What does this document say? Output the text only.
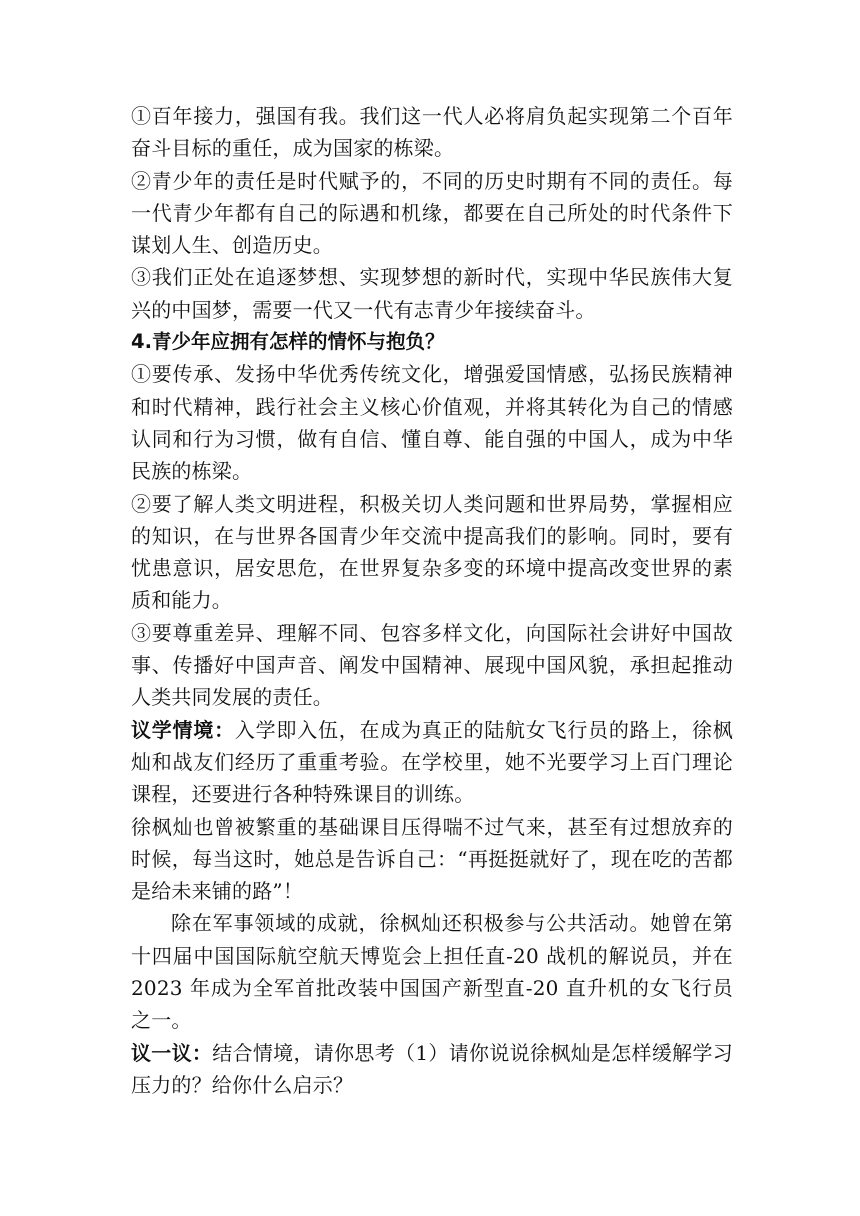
①百年接力，强国有我。我们这一代人必将肩负起实现第二个百年奋斗目标的重任，成为国家的栋梁。

②青少年的责任是时代赋予的，不同的历史时期有不同的责任。每一代青少年都有自己的际遇和机缘，都要在自己所处的时代条件下谋划人生、创造历史。

③我们正处在追逐梦想、实现梦想的新时代，实现中华民族伟大复兴的中国梦，需要一代又一代有志青少年接续奋斗。

4.青少年应拥有怎样的情怀与抱负？

①要传承、发扬中华优秀传统文化，增强爱国情感，弘扬民族精神和时代精神，践行社会主义核心价值观，并将其转化为自己的情感认同和行为习惯，做有自信、懂自尊、能自强的中国人，成为中华民族的栋梁。

②要了解人类文明进程，积极关切人类问题和世界局势，掌握相应的知识，在与世界各国青少年交流中提高我们的影响。同时，要有忧患意识，居安思危，在世界复杂多变的环境中提高改变世界的素质和能力。

③要尊重差异、理解不同、包容多样文化，向国际社会讲好中国故事、传播好中国声音、阐发中国精神、展现中国风貌，承担起推动人类共同发展的责任。

议学情境：入学即入伍，在成为真正的陆航女飞行员的路上，徐枫灿和战友们经历了重重考验。在学校里，她不光要学习上百门理论课程，还要进行各种特殊课目的训练。

徐枫灿也曾被繁重的基础课目压得喘不过气来，甚至有过想放弃的时候，每当这时，她总是告诉自己：“再挺挺就好了，现在吃的苦都是给未来铺的路”！

除在军事领域的成就，徐枫灿还积极参与公共活动。她曾在第十四届中国国际航空航天博览会上担任直-20 战机的解说员，并在 2023 年成为全军首批改装中国国产新型直-20 直升机的女飞行员之一。

议一议：结合情境，请你思考（1）请你说说徐枫灿是怎样缓解学习压力的？给你什么启示？
